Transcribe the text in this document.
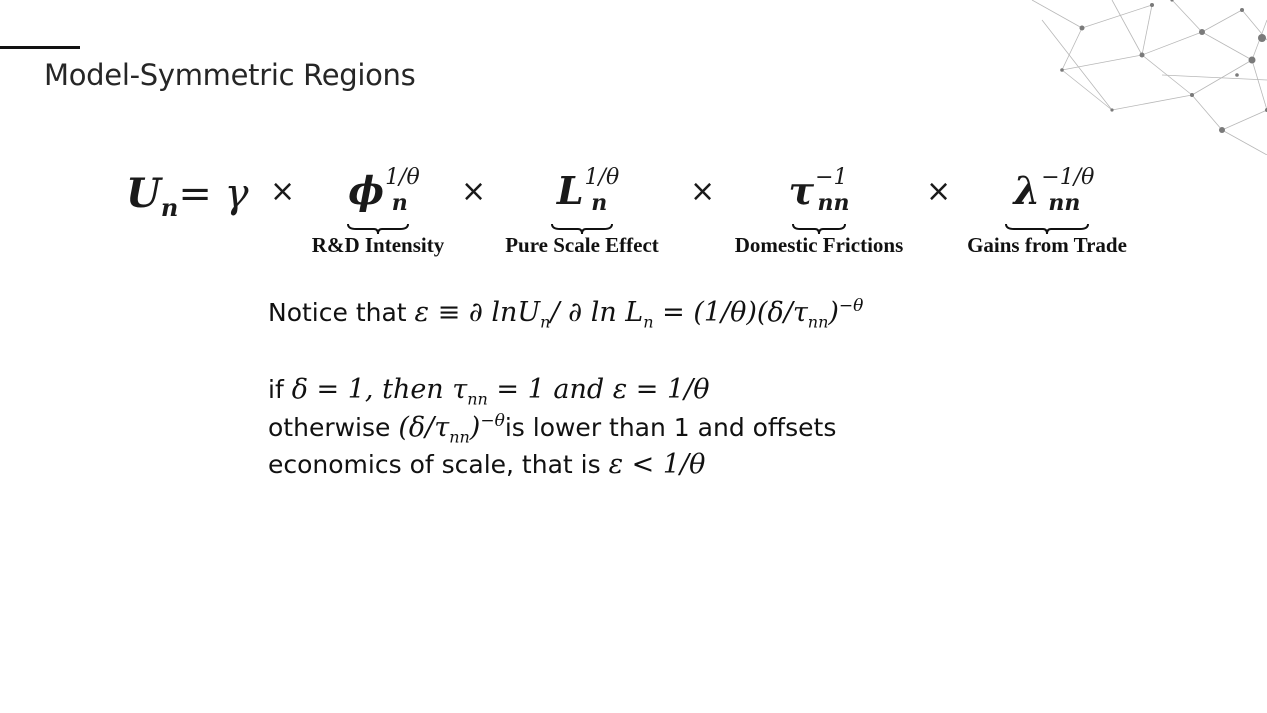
Model-Symmetric Regions
$U_n= \gamma$ ×	$\phi^{1/\theta}_n$
R&D Intensity
×	$L^{1/\theta}_n$
Pure Scale Effect
×	$\tau^{-1}_{nn}$
Domestic Frictions
×	$\lambda^{-1/\theta}_{nn}$
Gains from Trade
Notice that ε ≡ ∂ lnU$_n$/ ∂ $\ln L_n = (1/\theta)(\delta/\tau_{nn})^{-\theta}$
if δ = 1, then $\tau_{nn} = 1$ and ε = 1/θ
otherwise $(\delta/\tau_{nn})^{-\theta}is$ lower than 1 and offsets
economics of scale, that is ε < 1/θ
